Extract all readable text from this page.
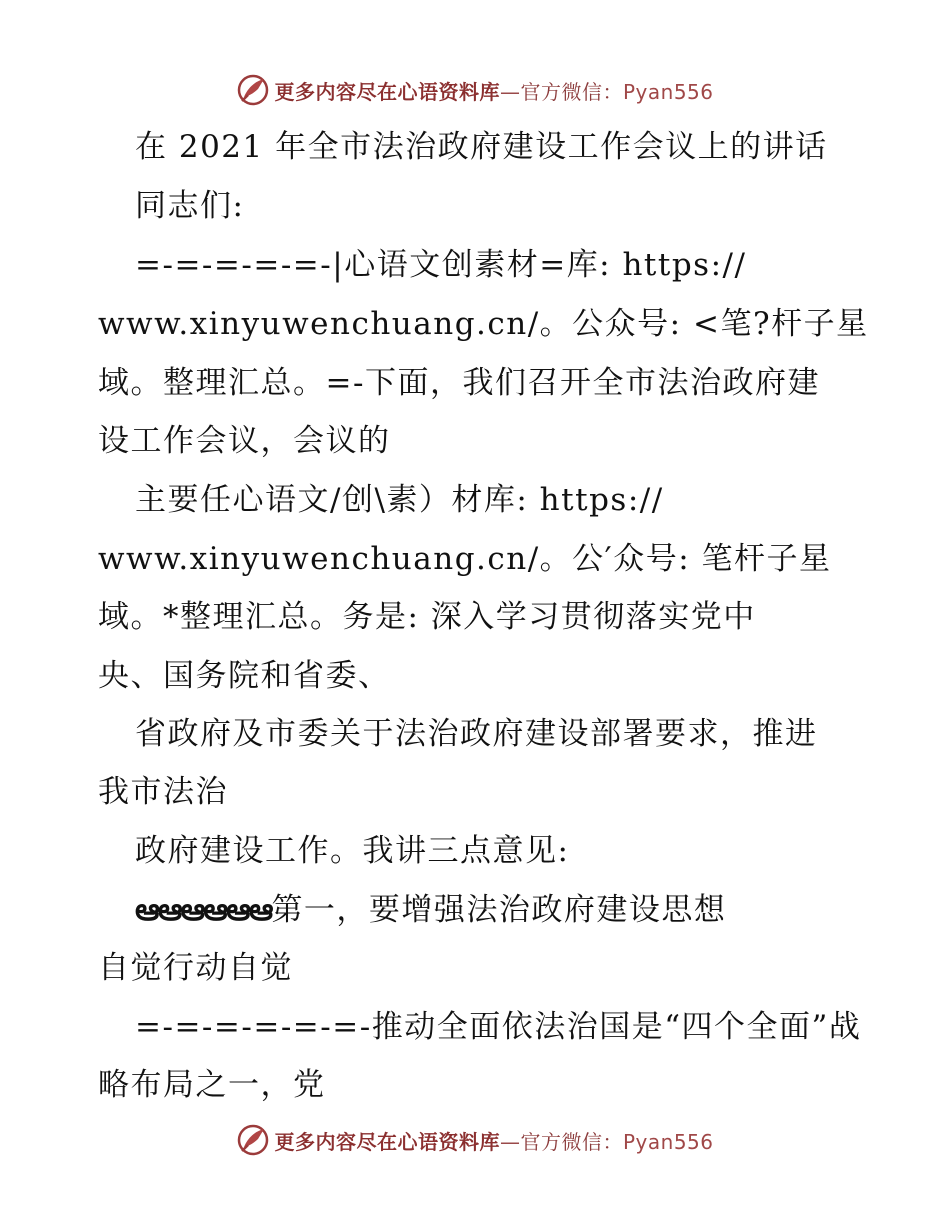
更多内容尽在心语资料库—官方微信：Pyan556
在 2021 年全市法治政府建设工作会议上的讲话
同志们:
=-=-=-=-=-|心语文创素材=库: https://
www.xinyuwenchuang.cn/。公众号: <笔?杆子星
域。整理汇总。=-下面，我们召开全市法治政府建
设工作会议，会议的
主要任心语文/创\素）材库: https://
www.xinyuwenchuang.cn/。公′众号: 笔杆子星
域。*整理汇总。务是: 深入学习贯彻落实党中
央、国务院和省委、
省政府及市委关于法治政府建设部署要求，推进
我市法治
政府建设工作。我讲三点意见:
ఆఆఆఆఆఆ第一，要增强法治政府建设思想
自觉行动自觉
=-=-=-=-=-=-推动全面依法治国是“四个全面”战
略布局之一，党
更多内容尽在心语资料库—官方微信：Pyan556
